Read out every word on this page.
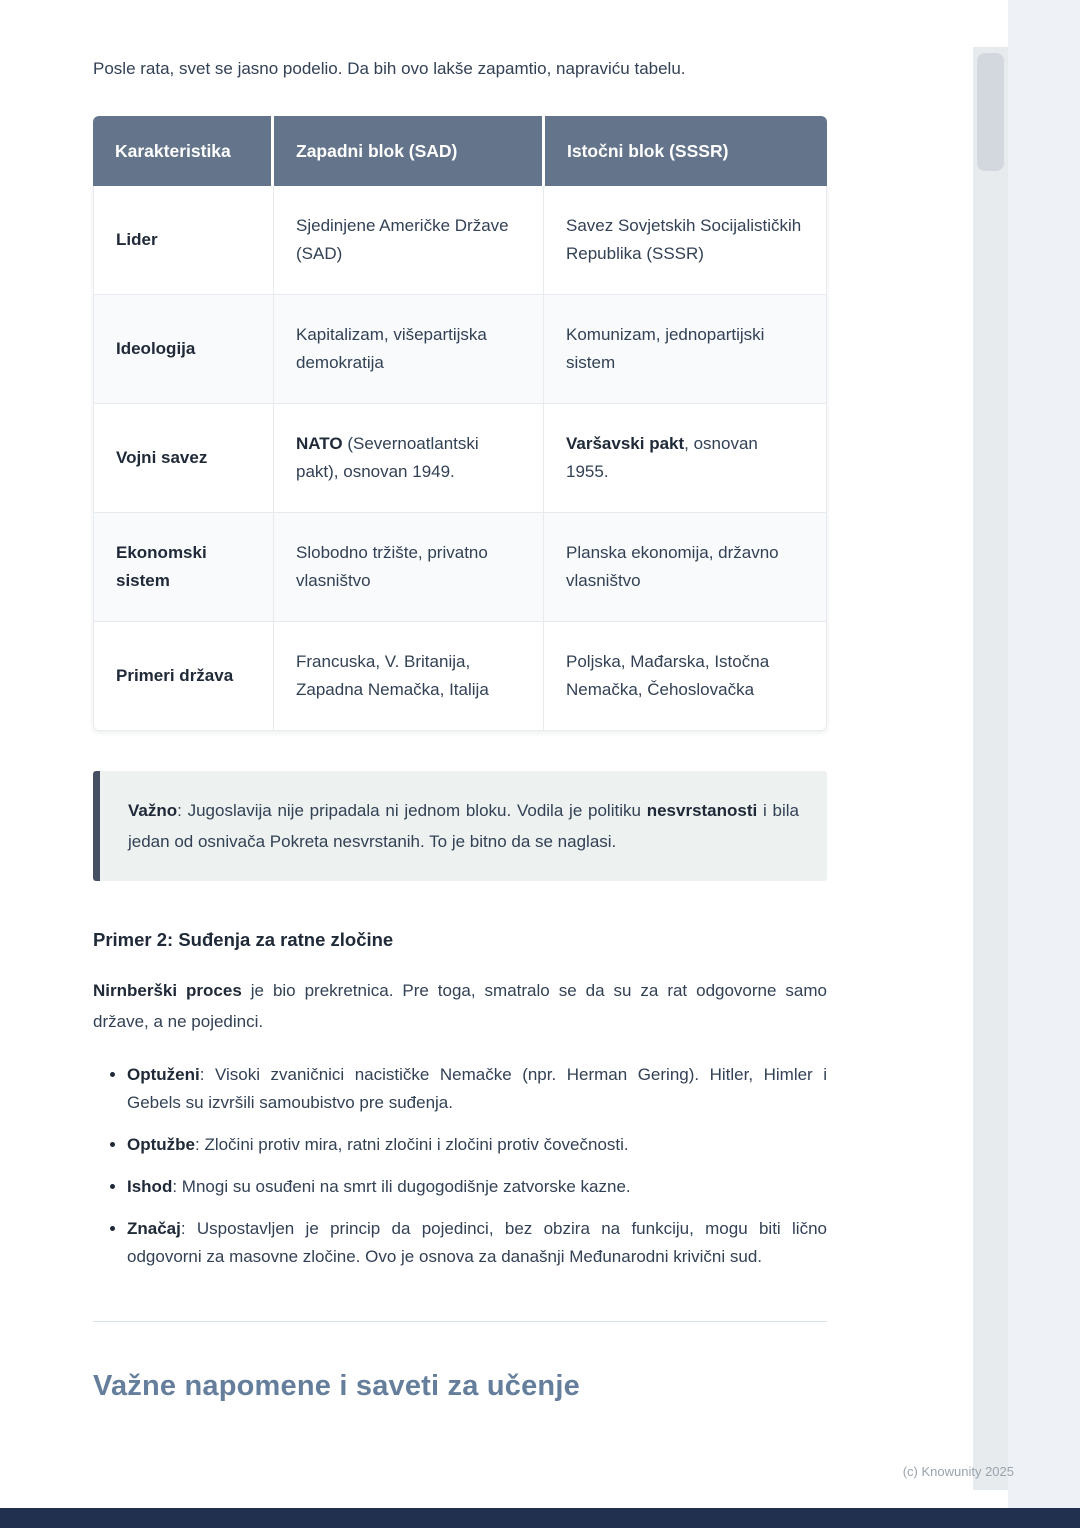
Posle rata, svet se jasno podelio. Da bih ovo lakše zapamtio, napraviću tabelu.

Karakteristika	Zapadni blok (SAD)	Istočni blok (SSSR)
Lider
Sjedinjene Američke Države (SAD)
Savez Sovjetskih Socijalističkih Republika (SSSR)
Ideologija
Kapitalizam, višepartijska demokratija
Komunizam, jednopartijski sistem
Vojni savez
NATO (Severnoatlantski pakt), osnovan 1949.
Varšavski pakt, osnovan 1955.
Ekonomski sistem
Slobodno tržište, privatno vlasništvo
Planska ekonomija, državno vlasništvo
Primeri država
Francuska, V. Britanija, Zapadna Nemačka, Italija
Poljska, Mađarska, Istočna Nemačka, Čehoslovačka

Važno: Jugoslavija nije pripadala ni jednom bloku. Vodila je politiku nesvrstanosti i bila jedan od osnivača Pokreta nesvrstanih. To je bitno da se naglasi.

Primer 2: Suđenja za ratne zločine

Nirnberški proces je bio prekretnica. Pre toga, smatralo se da su za rat odgovorne samo države, a ne pojedinci.

• Optuženi: Visoki zvaničnici nacističke Nemačke (npr. Herman Gering). Hitler, Himler i Gebels su izvršili samoubistvo pre suđenja.
• Optužbe: Zločini protiv mira, ratni zločini i zločini protiv čovečnosti.
• Ishod: Mnogi su osuđeni na smrt ili dugogodišnje zatvorske kazne.
• Značaj: Uspostavljen je princip da pojedinci, bez obzira na funkciju, mogu biti lično odgovorni za masovne zločine. Ovo je osnova za današnji Međunarodni krivični sud.
Važne napomene i saveti za učenje
(c) Knowunity 2025
